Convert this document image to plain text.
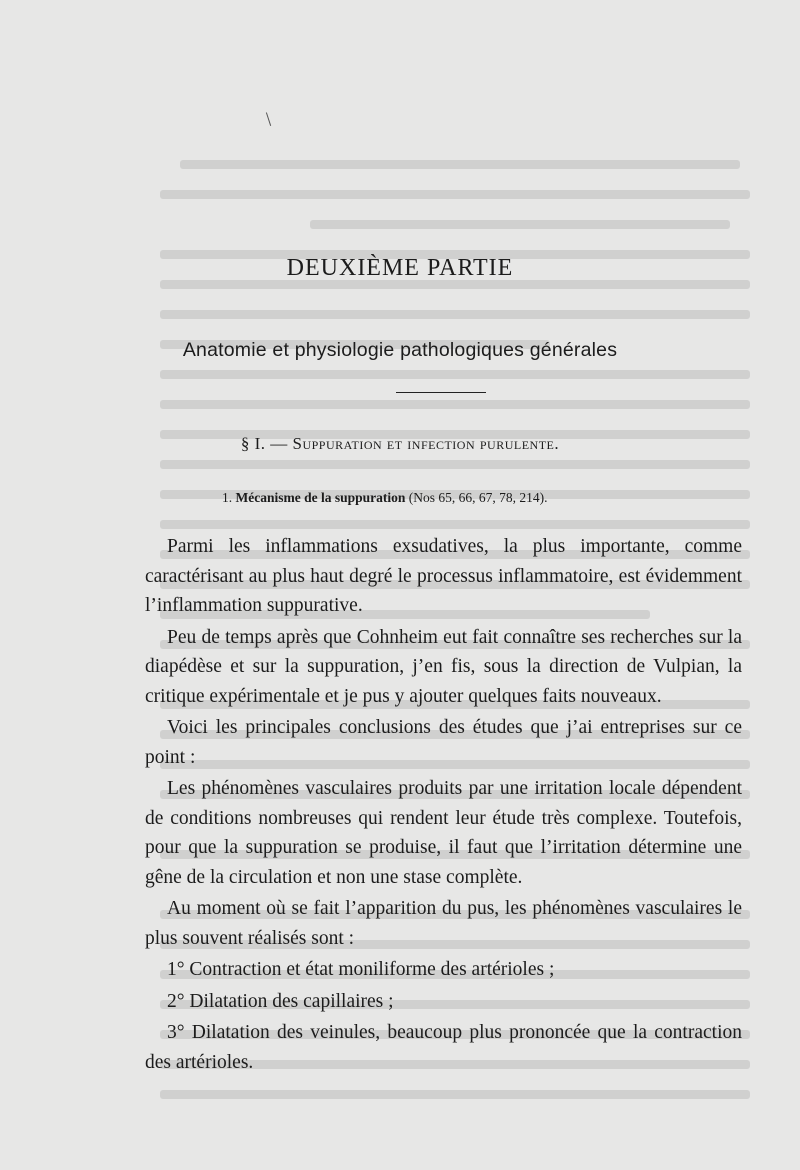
DEUXIÈME PARTIE
Anatomie et physiologie pathologiques générales
§ I. — Suppuration et infection purulente.
1. Mécanisme de la suppuration (Nos 65, 66, 67, 78, 214).

Parmi les inflammations exsudatives, la plus importante, comme caractérisant au plus haut degré le processus inflammatoire, est évidemment l’inflammation suppurative.

Peu de temps après que Cohnheim eut fait connaître ses recherches sur la diapédèse et sur la suppuration, j’en fis, sous la direction de Vulpian, la critique expérimentale et je pus y ajouter quelques faits nouveaux.

Voici les principales conclusions des études que j’ai entreprises sur ce point :

Les phénomènes vasculaires produits par une irritation locale dépendent de conditions nombreuses qui rendent leur étude très complexe. Toutefois, pour que la suppuration se produise, il faut que l’irritation détermine une gêne de la circulation et non une stase complète.

Au moment où se fait l’apparition du pus, les phénomènes vasculaires le plus souvent réalisés sont :

1° Contraction et état moniliforme des artérioles ;

2° Dilatation des capillaires ;

3° Dilatation des veinules, beaucoup plus prononcée que la contraction des artérioles.
